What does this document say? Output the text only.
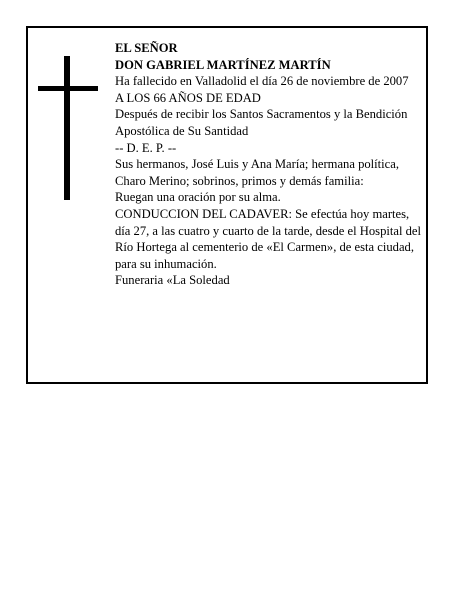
EL SEÑOR

DON GABRIEL MARTÍNEZ MARTÍN

Ha fallecido en Valladolid el día 26 de noviembre de 2007

A LOS 66 AÑOS DE EDAD

Después de recibir los Santos Sacramentos y la Bendición Apostólica de Su Santidad

-- D. E. P. --

Sus hermanos, José Luis y Ana María; hermana política, Charo Merino; sobrinos, primos y demás familia:

Ruegan una oración por su alma.

CONDUCCION DEL CADAVER: Se efectúa hoy martes, día 27, a las cuatro y cuarto de la tarde, desde el Hospital del Río Hortega al cementerio de «El Carmen», de esta ciudad, para su inhumación.

Funeraria «La Soledad
